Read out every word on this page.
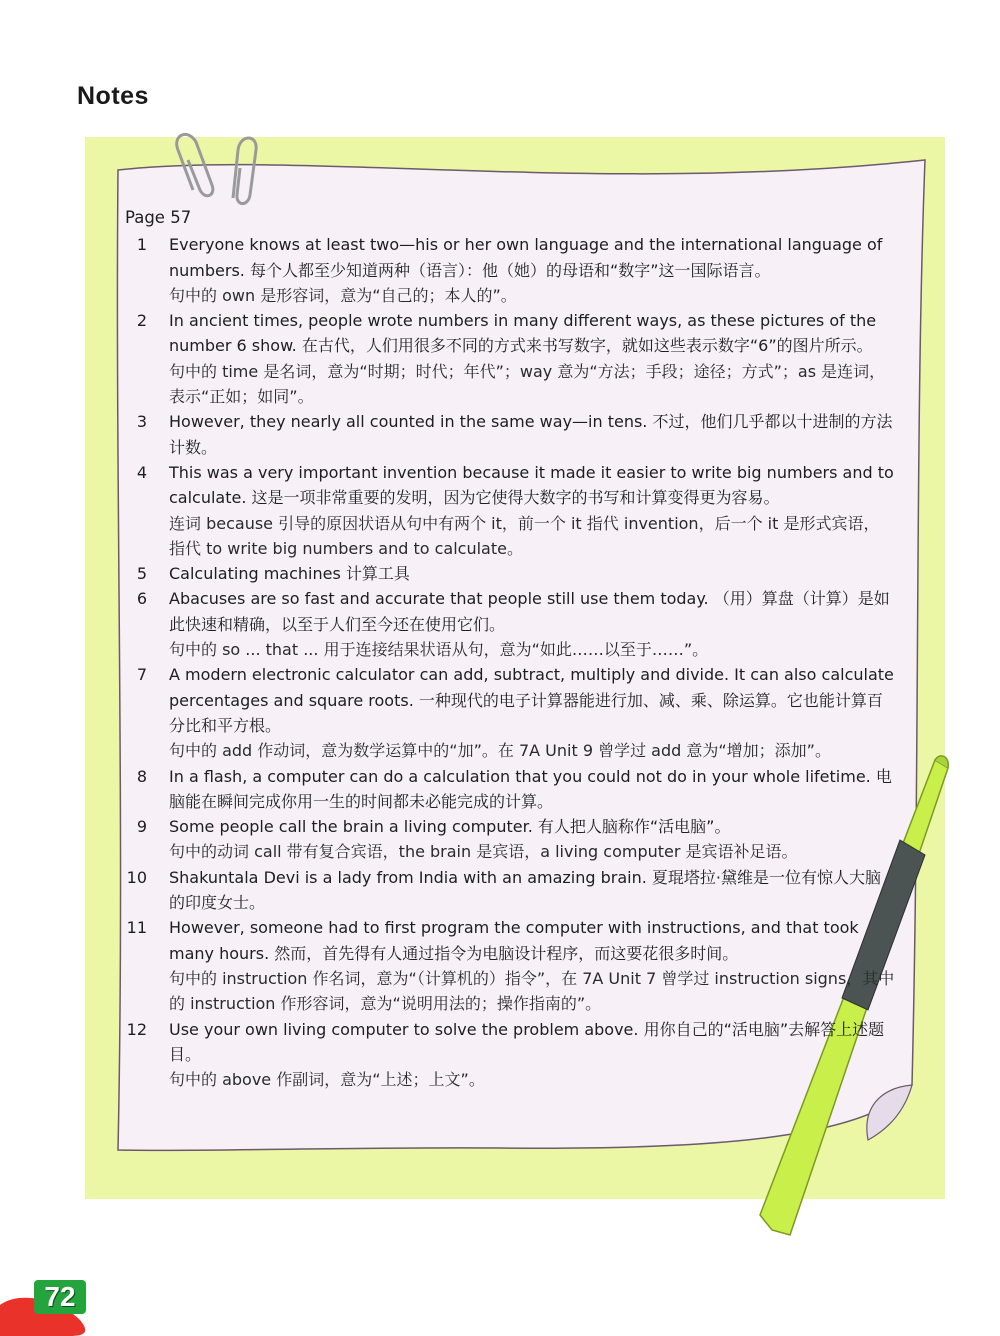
Notes
Page 57
1 Everyone knows at least two—his or her own language and the international language of numbers. 每个人都至少知道两种（语言）：他（她）的母语和“数字”这一国际语言。
句中的 own 是形容词，意为“自己的；本人的”。
2 In ancient times, people wrote numbers in many different ways, as these pictures of the number 6 show. 在古代，人们用很多不同的方式来书写数字，就如这些表示数字“6”的图片所示。
句中的 time 是名词，意为“时期；时代；年代”；way 意为“方法；手段；途径；方式”；as 是连词，表示“正如；如同”。
3 However, they nearly all counted in the same way—in tens. 不过，他们几乎都以十进制的方法计数。
4 This was a very important invention because it made it easier to write big numbers and to calculate. 这是一项非常重要的发明，因为它使得大数字的书写和计算变得更为容易。
连词 because 引导的原因状语从句中有两个 it，前一个 it 指代 invention，后一个 it 是形式宾语，指代 to write big numbers and to calculate。
5 Calculating machines 计算工具
6 Abacuses are so fast and accurate that people still use them today. （用）算盘（计算）是如此快速和精确，以至于人们至今还在使用它们。
句中的 so ... that ... 用于连接结果状语从句，意为“如此……以至于……”。
7 A modern electronic calculator can add, subtract, multiply and divide. It can also calculate percentages and square roots. 一种现代的电子计算器能进行加、减、乘、除运算。它也能计算百分比和平方根。
句中的 add 作动词，意为数学运算中的“加”。在 7A Unit 9 曾学过 add 意为“增加；添加”。
8 In a flash, a computer can do a calculation that you could not do in your whole lifetime. 电脑能在瞬间完成你用一生的时间都未必能完成的计算。
9 Some people call the brain a living computer. 有人把人脑称作“活电脑”。
句中的动词 call 带有复合宾语，the brain 是宾语，a living computer 是宾语补足语。
10 Shakuntala Devi is a lady from India with an amazing brain. 夏琨塔拉·黛维是一位有惊人大脑的印度女士。
11 However, someone had to first program the computer with instructions, and that took many hours. 然而，首先得有人通过指令为电脑设计程序，而这要花很多时间。
句中的 instruction 作名词，意为“（计算机的）指令”，在 7A Unit 7 曾学过 instruction signs，其中的 instruction 作形容词，意为“说明用法的；操作指南的”。
12 Use your own living computer to solve the problem above. 用你自己的“活电脑”去解答上述题目。
句中的 above 作副词，意为“上述；上文”。
72
